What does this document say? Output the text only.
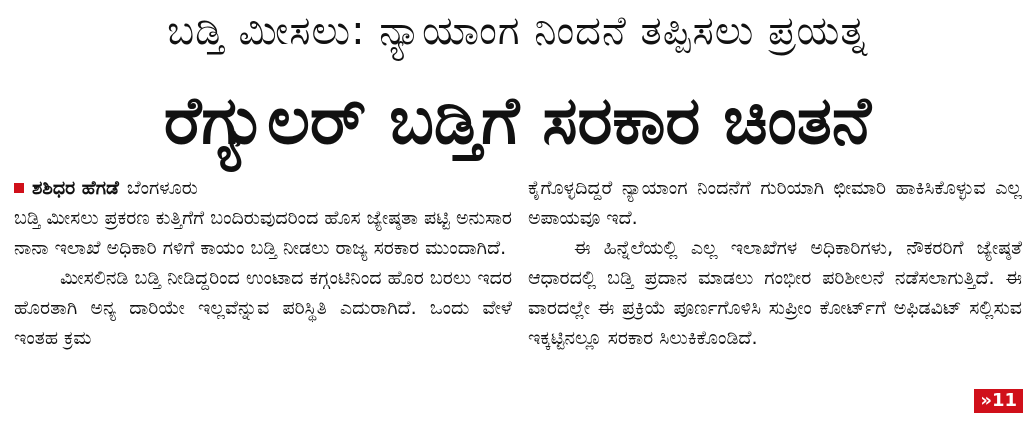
ಬಡ್ತಿ ಮೀಸಲು: ನ್ಯಾಯಾಂಗ ನಿಂದನೆ ತಪ್ಪಿಸಲು ಪ್ರಯತ್ನ
ರೆಗ್ಯುಲರ್ ಬಡ್ತಿಗೆ ಸರಕಾರ ಚಿಂತನೆ
ಶಶಿಧರ ಹೆಗಡೆ ಬೆಂಗಳೂರು

ಬಡ್ತಿ ಮೀಸಲು ಪ್ರಕರಣ ಕುತ್ತಿಗೆಗೆ ಬಂದಿರುವುದರಿಂದ ಹೊಸ ಜ್ಯೇಷ್ಠತಾ ಪಟ್ಟಿ ಅನುಸಾರ ನಾನಾ ಇಲಾಖೆ ಅಧಿಕಾರಿ ಗಳಿಗೆ ಕಾಯಂ ಬಡ್ತಿ ನೀಡಲು ರಾಜ್ಯ ಸರಕಾರ ಮುಂದಾಗಿದೆ.

ಮೀಸಲಿನಡಿ ಬಡ್ತಿ ನೀಡಿದ್ದರಿಂದ ಉಂಟಾದ ಕಗ್ಗಂಟಿನಿಂದ ಹೊರ ಬರಲು ಇದರ ಹೊರತಾಗಿ ಅನ್ಯ ದಾರಿಯೇ ಇಲ್ಲವೆನ್ನುವ ಪರಿಸ್ಥಿತಿ ಎದುರಾಗಿದೆ. ಒಂದು ವೇಳೆ ಇಂತಹ ಕ್ರಮ

ಕೈಗೊಳ್ಳದಿದ್ದರೆ ನ್ಯಾಯಾಂಗ ನಿಂದನೆಗೆ ಗುರಿಯಾಗಿ ಛೀಮಾರಿ ಹಾಕಿಸಿಕೊಳ್ಳುವ ಎಲ್ಲ ಅಪಾಯವೂ ಇದೆ.

ಈ ಹಿನ್ನೆಲೆಯಲ್ಲಿ ಎಲ್ಲ ಇಲಾಖೆಗಳ ಅಧಿಕಾರಿಗಳು, ನೌಕರರಿಗೆ ಜ್ಯೇಷ್ಠತೆ ಆಧಾರದಲ್ಲಿ ಬಡ್ತಿ ಪ್ರದಾನ ಮಾಡಲು ಗಂಭೀರ ಪರಿಶೀಲನೆ ನಡೆಸಲಾಗುತ್ತಿದೆ. ಈ ವಾರದಲ್ಲೇ ಈ ಪ್ರಕ್ರಿಯೆ ಪೂರ್ಣಗೊಳಿಸಿ ಸುಪ್ರೀಂ ಕೋರ್ಟ್‌ಗೆ ಅಫಿಡವಿಟ್ ಸಲ್ಲಿಸುವ ಇಕ್ಕಟ್ಟಿನಲ್ಲೂ ಸರಕಾರ ಸಿಲುಕಿಕೊಂಡಿದೆ.

»11
